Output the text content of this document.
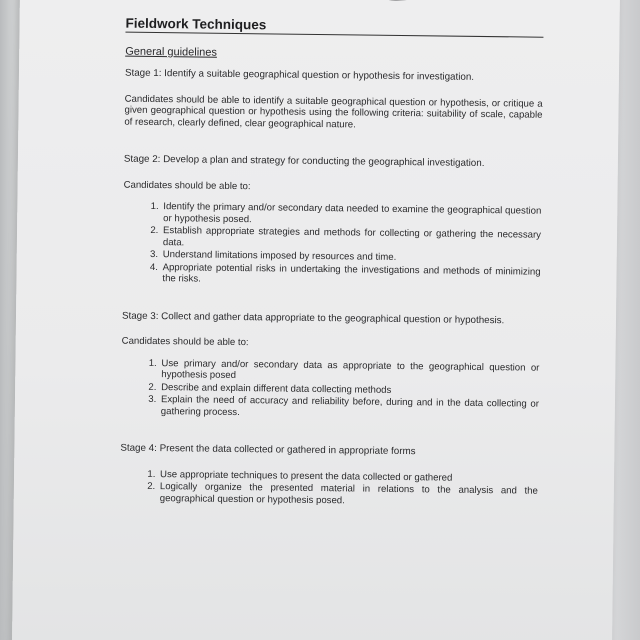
Fieldwork Techniques
General guidelines
Stage 1: Identify a suitable geographical question or hypothesis for investigation.
Candidates should be able to identify a suitable geographical question or hypothesis, or critique a given geographical question or hypothesis using the following criteria: suitability of scale, capable of research, clearly defined, clear geographical nature.
Stage 2: Develop a plan and strategy for conducting the geographical investigation.
Candidates should be able to:
1. Identify the primary and/or secondary data needed to examine the geographical question or hypothesis posed.
2. Establish appropriate strategies and methods for collecting or gathering the necessary data.
3. Understand limitations imposed by resources and time.
4. Appropriate potential risks in undertaking the investigations and methods of minimizing the risks.
Stage 3: Collect and gather data appropriate to the geographical question or hypothesis.
Candidates should be able to:
1. Use primary and/or secondary data as appropriate to the geographical question or hypothesis posed
2. Describe and explain different data collecting methods
3. Explain the need of accuracy and reliability before, during and in the data collecting or gathering process.
Stage 4: Present the data collected or gathered in appropriate forms
1. Use appropriate techniques to present the data collected or gathered
2. Logically organize the presented material in relations to the analysis and the geographical question or hypothesis posed.
